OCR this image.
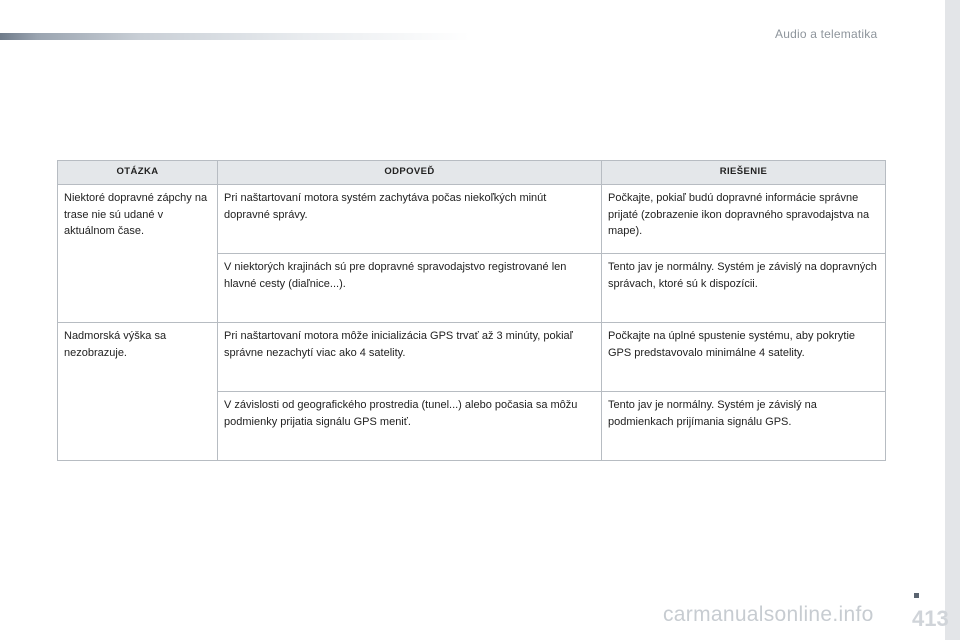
Audio a telematika
OTÁZKA	ODPOVEĎ	RIEŠENIE
Niektoré dopravné zápchy na trase nie sú udané v aktuálnom čase.	Pri naštartovaní motora systém zachytáva počas niekoľkých minút dopravné správy.	Počkajte, pokiaľ budú dopravné informácie správne prijaté (zobrazenie ikon dopravného spravodajstva na mape).
	V niektorých krajinách sú pre dopravné spravodajstvo registrované len hlavné cesty (diaľnice...).	Tento jav je normálny. Systém je závislý na dopravných správach, ktoré sú k dispozícii.
Nadmorská výška sa nezobrazuje.	Pri naštartovaní motora môže inicializácia GPS trvať až 3 minúty, pokiaľ správne nezachytí viac ako 4 satelity.	Počkajte na úplné spustenie systému, aby pokrytie GPS predstavovalo minimálne 4 satelity.
	V závislosti od geografického prostredia (tunel...) alebo počasia sa môžu podmienky prijatia signálu GPS meniť.	Tento jav je normálny. Systém je závislý na podmienkach prijímania signálu GPS.
413
carmanualsonline.info
